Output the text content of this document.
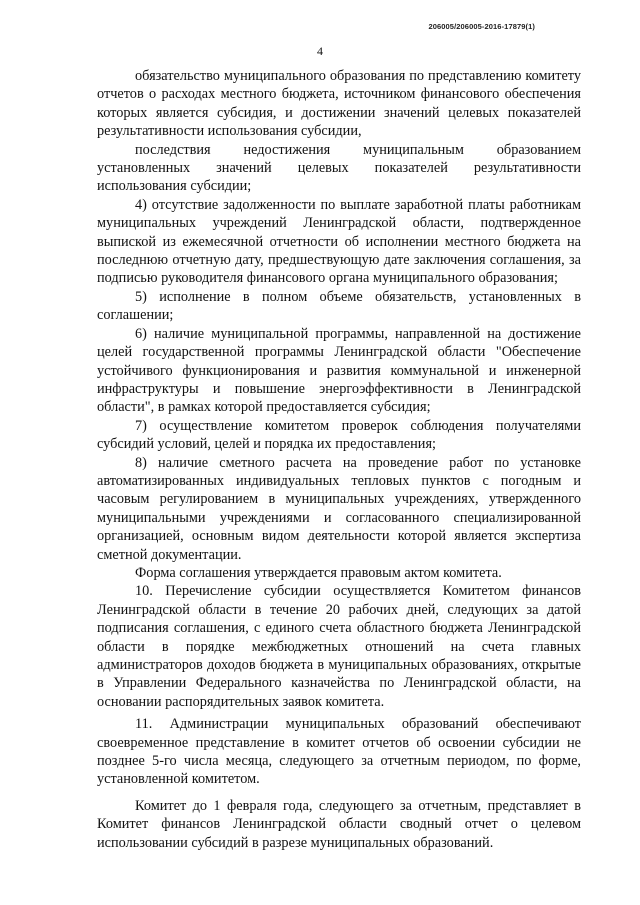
206005/206005-2016-17879(1)
4

обязательство муниципального образования по представлению комитету отчетов о расходах местного бюджета, источником финансового обеспечения которых является субсидия, и достижении значений целевых показателей результативности использования субсидии,

последствия недостижения муниципальным образованием установленных значений целевых показателей результативности использования субсидии;

4) отсутствие задолженности по выплате заработной платы работникам муниципальных учреждений Ленинградской области, подтвержденное выпиской из ежемесячной отчетности об исполнении местного бюджета на последнюю отчетную дату, предшествующую дате заключения соглашения, за подписью руководителя финансового органа муниципального образования;

5) исполнение в полном объеме обязательств, установленных в соглашении;

6) наличие муниципальной программы, направленной на достижение целей государственной программы Ленинградской области "Обеспечение устойчивого функционирования и развития коммунальной и инженерной инфраструктуры и повышение энергоэффективности в Ленинградской области", в рамках которой предоставляется субсидия;

7) осуществление комитетом проверок соблюдения получателями субсидий условий, целей и порядка их предоставления;

8) наличие сметного расчета на проведение работ по установке автоматизированных индивидуальных тепловых пунктов с погодным и часовым регулированием в муниципальных учреждениях, утвержденного муниципальными учреждениями и согласованного специализированной организацией, основным видом деятельности которой является экспертиза сметной документации.

Форма соглашения утверждается правовым актом комитета.

10. Перечисление субсидии осуществляется Комитетом финансов Ленинградской области в течение 20 рабочих дней, следующих за датой подписания соглашения, с единого счета областного бюджета Ленинградской области в порядке межбюджетных отношений на счета главных администраторов доходов бюджета в муниципальных образованиях, открытые в Управлении Федерального казначейства по Ленинградской области, на основании распорядительных заявок комитета.

11. Администрации муниципальных образований обеспечивают своевременное представление в комитет отчетов об освоении субсидии не позднее 5-го числа месяца, следующего за отчетным периодом, по форме, установленной комитетом.

Комитет до 1 февраля года, следующего за отчетным, представляет в Комитет финансов Ленинградской области сводный отчет о целевом использовании субсидий в разрезе муниципальных образований.
